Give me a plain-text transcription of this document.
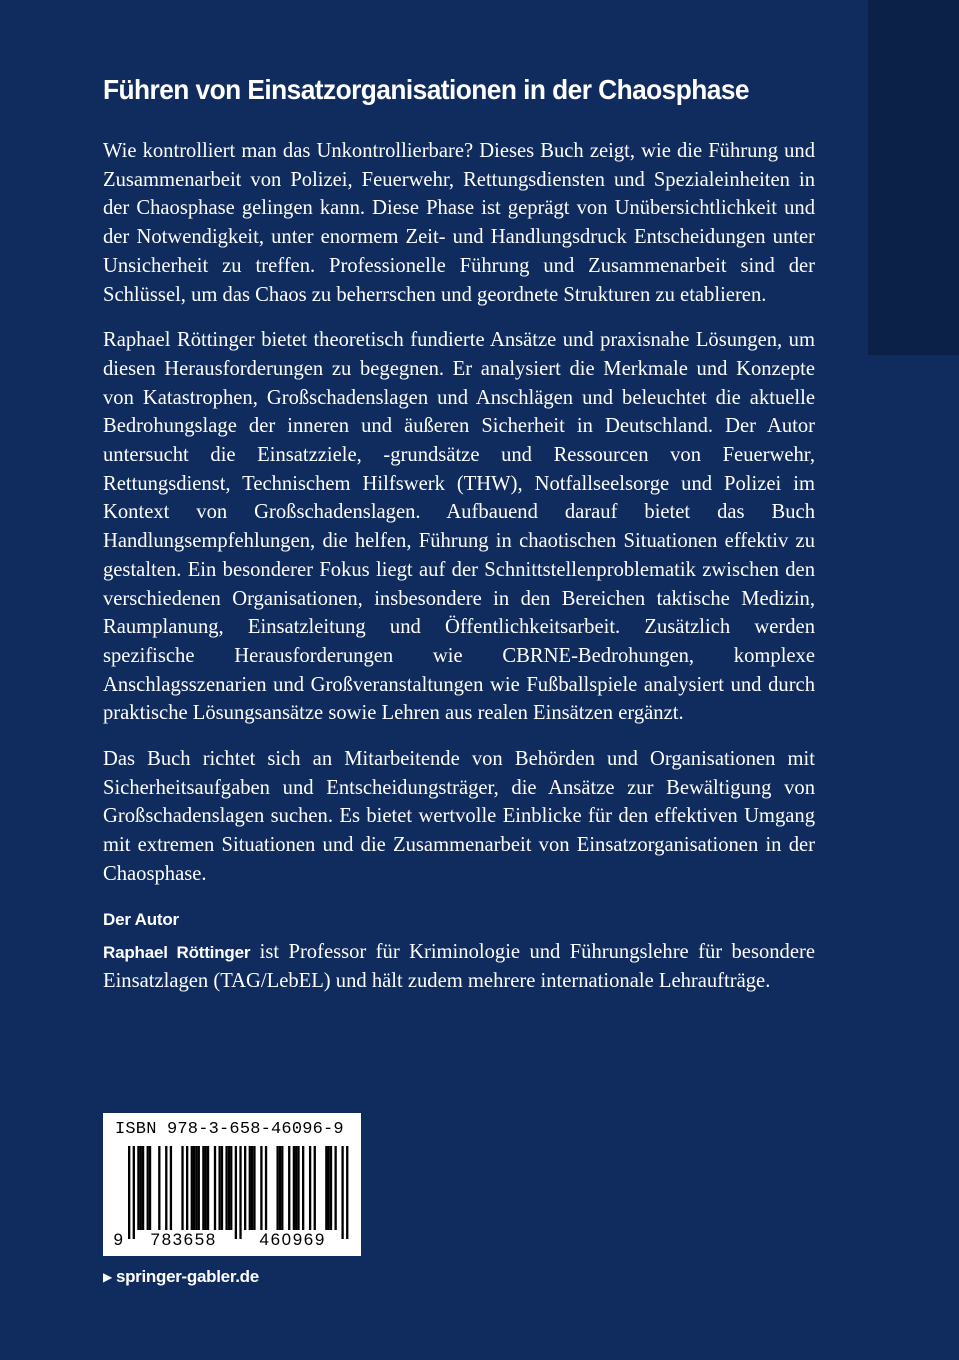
Führen von Einsatzorganisationen in der Chaosphase

Wie kontrolliert man das Unkontrollierbare? Dieses Buch zeigt, wie die Führung und Zusammenarbeit von Polizei, Feuerwehr, Rettungsdiensten und Spezialeinheiten in der Chaosphase gelingen kann. Diese Phase ist geprägt von Unübersichtlichkeit und der Notwendigkeit, unter enormem Zeit- und Handlungsdruck Entscheidungen unter Unsicherheit zu treffen. Professionelle Führung und Zusammenarbeit sind der Schlüssel, um das Chaos zu beherrschen und geordnete Strukturen zu etablieren.

Raphael Röttinger bietet theoretisch fundierte Ansätze und praxisnahe Lösungen, um diesen Herausforderungen zu begegnen. Er analysiert die Merkmale und Konzepte von Katastrophen, Großschadenslagen und Anschlägen und beleuchtet die aktuelle Bedrohungslage der inneren und äußeren Sicherheit in Deutschland. Der Autor untersucht die Einsatzziele, -grundsätze und Ressourcen von Feuerwehr, Rettungsdienst, Technischem Hilfswerk (THW), Notfallseelsorge und Polizei im Kontext von Großschadenslagen. Aufbauend darauf bietet das Buch Handlungsempfehlungen, die helfen, Führung in chaotischen Situationen effektiv zu gestalten. Ein besonderer Fokus liegt auf der Schnittstellenproblematik zwischen den verschiedenen Organisationen, insbesondere in den Bereichen taktische Medizin, Raumplanung, Einsatzleitung und Öffentlichkeitsarbeit. Zusätzlich werden spezifische Herausforderungen wie CBRNE-Bedrohungen, komplexe Anschlagsszenarien und Großveranstaltungen wie Fußballspiele analysiert und durch praktische Lösungsansätze sowie Lehren aus realen Einsätzen ergänzt.

Das Buch richtet sich an Mitarbeitende von Behörden und Organisationen mit Sicherheitsaufgaben und Entscheidungsträger, die Ansätze zur Bewältigung von Großschadenslagen suchen. Es bietet wertvolle Einblicke für den effektiven Umgang mit extremen Situationen und die Zusammenarbeit von Einsatzorganisationen in der Chaosphase.

Der Autor

Raphael Röttinger ist Professor für Kriminologie und Führungslehre für besondere Einsatzlagen (TAG/LebEL) und hält zudem mehrere internationale Lehraufträge.

ISBN 978-3-658-46096-9
9 783658	460969
▶ springer-gabler.de
